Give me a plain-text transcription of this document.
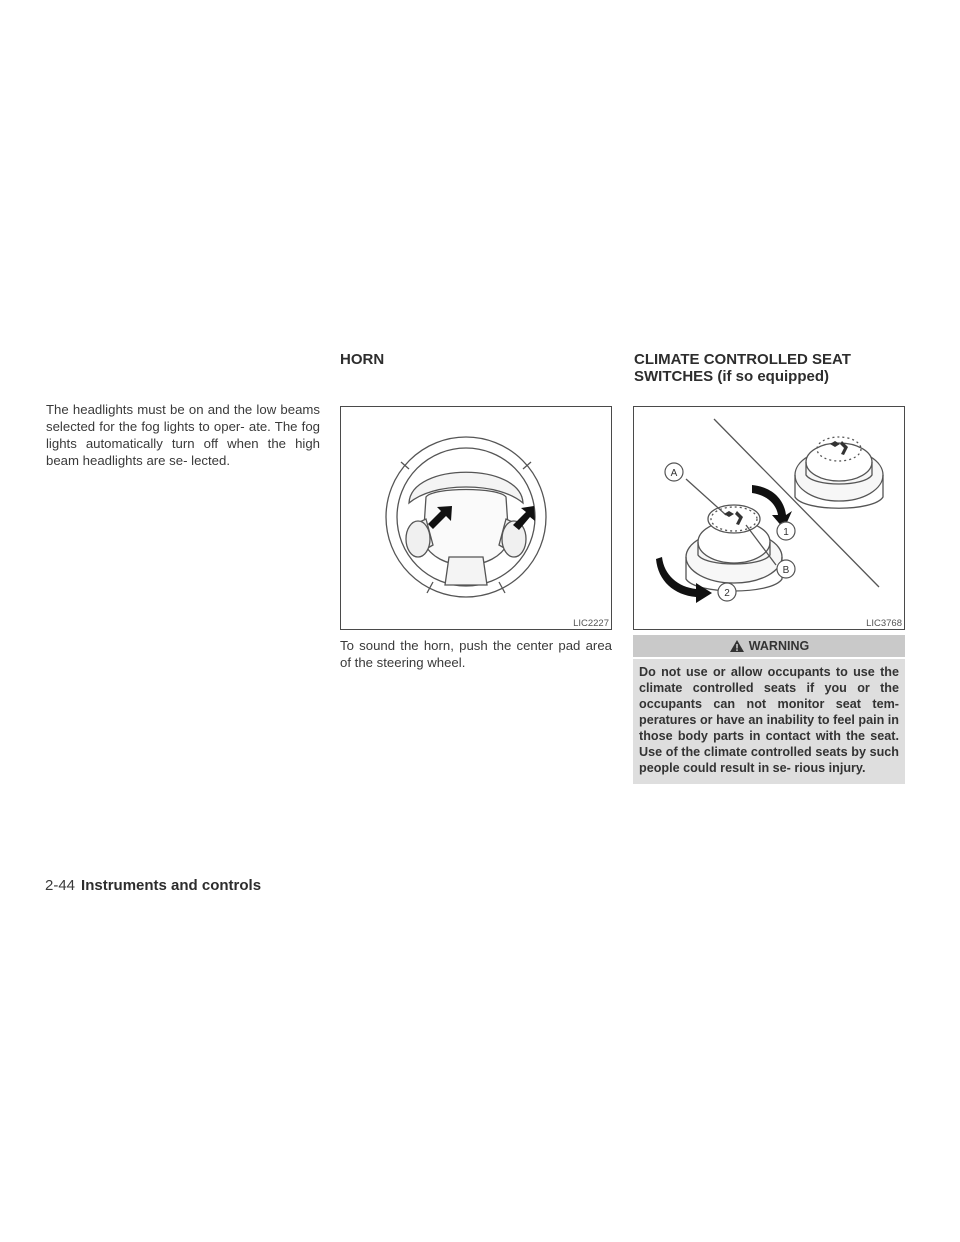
The headlights must be on and the low beams selected for the fog lights to oper- ate. The fog lights automatically turn off when the high beam headlights are se- lected.

HORN
LIC2227

To sound the horn, push the center pad area of the steering wheel.

CLIMATE CONTROLLED SEAT
SWITCHES (if so equipped)
A
1
B
2
LIC3768
WARNING
Do not use or allow occupants to use the climate controlled seats if you or the occupants can not monitor seat tem- peratures or have an inability to feel pain in those body parts in contact with the seat. Use of the climate controlled seats by such people could result in se- rious injury.
2-44 Instruments and controls
